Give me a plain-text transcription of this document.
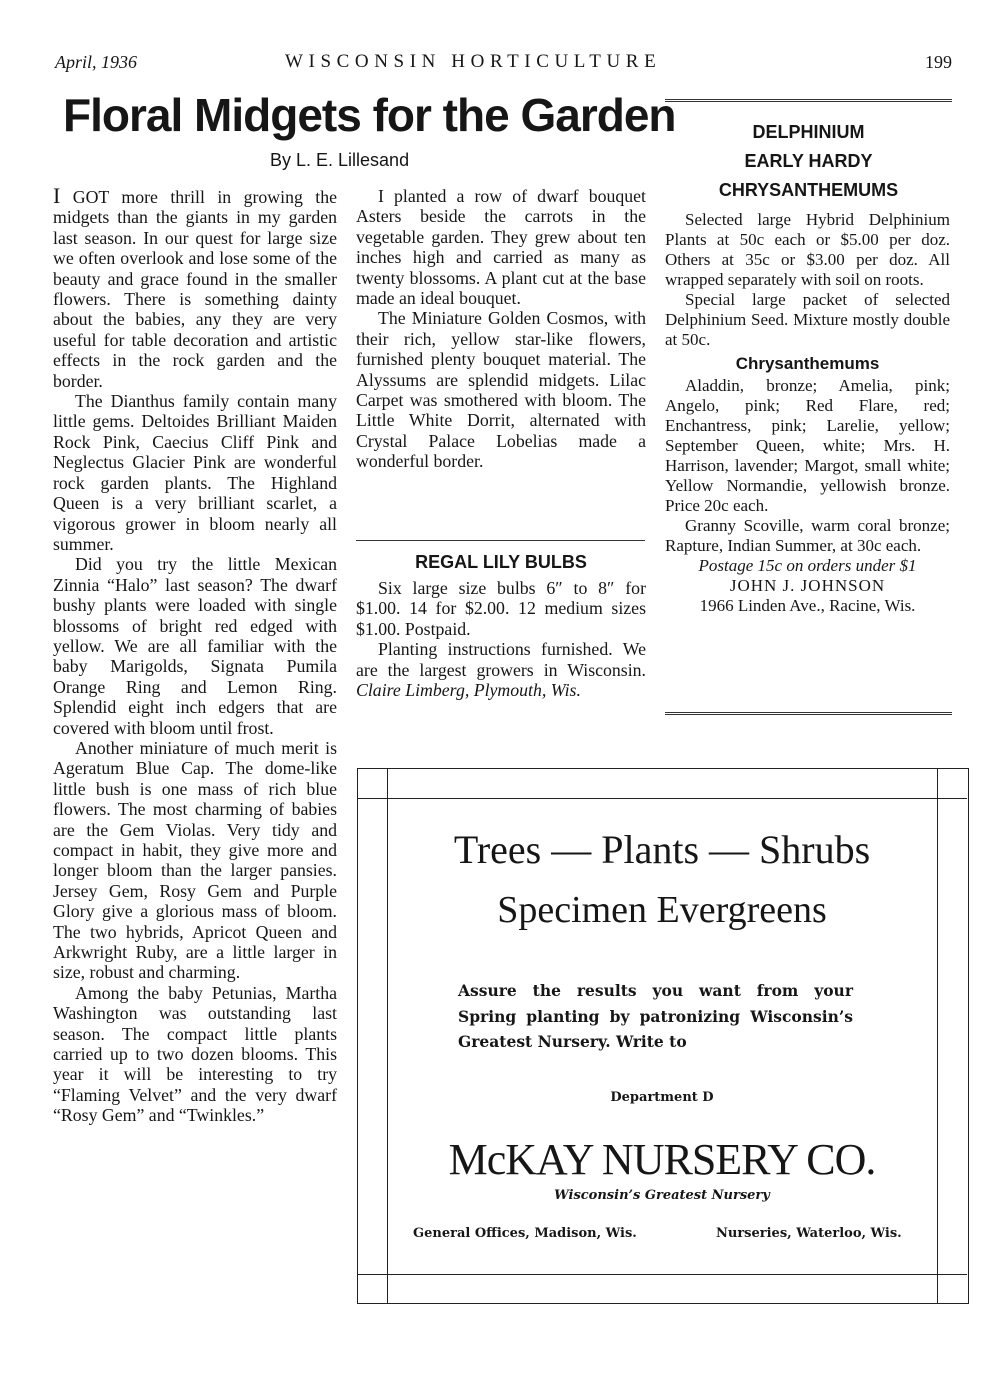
April, 1936	WISCONSIN HORTICULTURE	199
Floral Midgets for the Garden
By L. E. Lillesand

I GOT more thrill in growing the midgets than the giants in my garden last season. In our quest for large size we often overlook and lose some of the beauty and grace found in the smaller flowers. There is something dainty about the babies, any they are very useful for table decoration and artistic effects in the rock garden and the border.

The Dianthus family contain many little gems. Deltoides Brilliant Maiden Rock Pink, Caecius Cliff Pink and Neglectus Glacier Pink are wonderful rock garden plants. The Highland Queen is a very brilliant scarlet, a vigorous grower in bloom nearly all summer.

Did you try the little Mexican Zinnia “Halo” last season? The dwarf bushy plants were loaded with single blossoms of bright red edged with yellow. We are all familiar with the baby Marigolds, Signata Pumila Orange Ring and Lemon Ring. Splendid eight inch edgers that are covered with bloom until frost.

Another miniature of much merit is Ageratum Blue Cap. The dome-like little bush is one mass of rich blue flowers. The most charming of babies are the Gem Violas. Very tidy and compact in habit, they give more and longer bloom than the larger pansies. Jersey Gem, Rosy Gem and Purple Glory give a glorious mass of bloom. The two hybrids, Apricot Queen and Arkwright Ruby, are a little larger in size, robust and charming.

Among the baby Petunias, Martha Washington was outstanding last season. The compact little plants carried up to two dozen blooms. This year it will be interesting to try “Flaming Velvet” and the very dwarf “Rosy Gem” and “Twinkles.”

I planted a row of dwarf bouquet Asters beside the carrots in the vegetable garden. They grew about ten inches high and carried as many as twenty blossoms. A plant cut at the base made an ideal bouquet.

The Miniature Golden Cosmos, with their rich, yellow star-like flowers, furnished plenty bouquet material. The Alyssums are splendid midgets. Lilac Carpet was smothered with bloom. The Little White Dorrit, alternated with Crystal Palace Lobelias made a wonderful border.

REGAL LILY BULBS

Six large size bulbs 6″ to 8″ for $1.00. 14 for $2.00. 12 medium sizes $1.00. Postpaid.

Planting instructions furnished. We are the largest growers in Wisconsin. Claire Limberg, Plymouth, Wis.

DELPHINIUM
EARLY HARDY
CHRYSANTHEMUMS

Selected large Hybrid Delphinium Plants at 50c each or $5.00 per doz. Others at 35c or $3.00 per doz. All wrapped separately with soil on roots.

Special large packet of selected Delphinium Seed. Mixture mostly double at 50c.

Chrysanthemums

Aladdin, bronze; Amelia, pink; Angelo, pink; Red Flare, red; Enchantress, pink; Larelie, yellow; September Queen, white; Mrs. H. Harrison, lavender; Margot, small white; Yellow Normandie, yellowish bronze. Price 20c each.

Granny Scoville, warm coral bronze; Rapture, Indian Summer, at 30c each.

Postage 15c on orders under $1

JOHN J. JOHNSON

1966 Linden Ave., Racine, Wis.

Trees — Plants — Shrubs
Specimen Evergreens
Assure the results you want from your Spring planting by patronizing Wisconsin’s Greatest Nursery. Write to
Department D
McKAY NURSERY CO.
Wisconsin’s Greatest Nursery
General Offices, Madison, Wis.	Nurseries, Waterloo, Wis.
